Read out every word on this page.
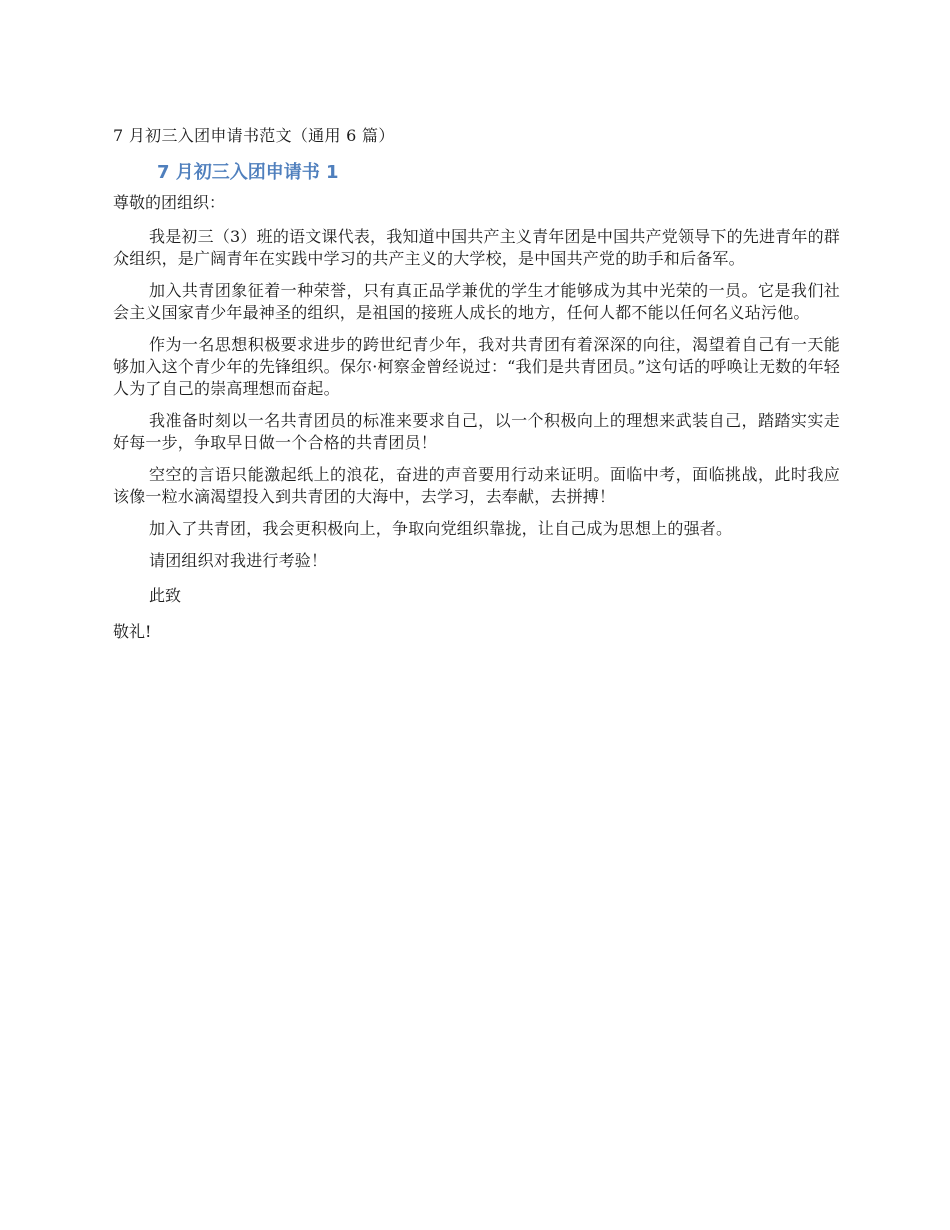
7 月初三入团申请书范文（通用 6 篇）
7 月初三入团申请书 1

尊敬的团组织：

我是初三（3）班的语文课代表，我知道中国共产主义青年团是中国共产党领导下的先进青年的群众组织，是广阔青年在实践中学习的共产主义的大学校，是中国共产党的助手和后备军。

加入共青团象征着一种荣誉，只有真正品学兼优的学生才能够成为其中光荣的一员。它是我们社会主义国家青少年最神圣的组织，是祖国的接班人成长的地方，任何人都不能以任何名义玷污他。

作为一名思想积极要求进步的跨世纪青少年，我对共青团有着深深的向往，渴望着自己有一天能够加入这个青少年的先锋组织。保尔·柯察金曾经说过：“我们是共青团员。”这句话的呼唤让无数的年轻人为了自己的崇高理想而奋起。

我准备时刻以一名共青团员的标准来要求自己，以一个积极向上的理想来武装自己，踏踏实实走好每一步，争取早日做一个合格的共青团员！

空空的言语只能激起纸上的浪花，奋进的声音要用行动来证明。面临中考，面临挑战，此时我应该像一粒水滴渴望投入到共青团的大海中，去学习，去奉献，去拼搏！

加入了共青团，我会更积极向上，争取向党组织靠拢，让自己成为思想上的强者。

请团组织对我进行考验！

此致

敬礼!
